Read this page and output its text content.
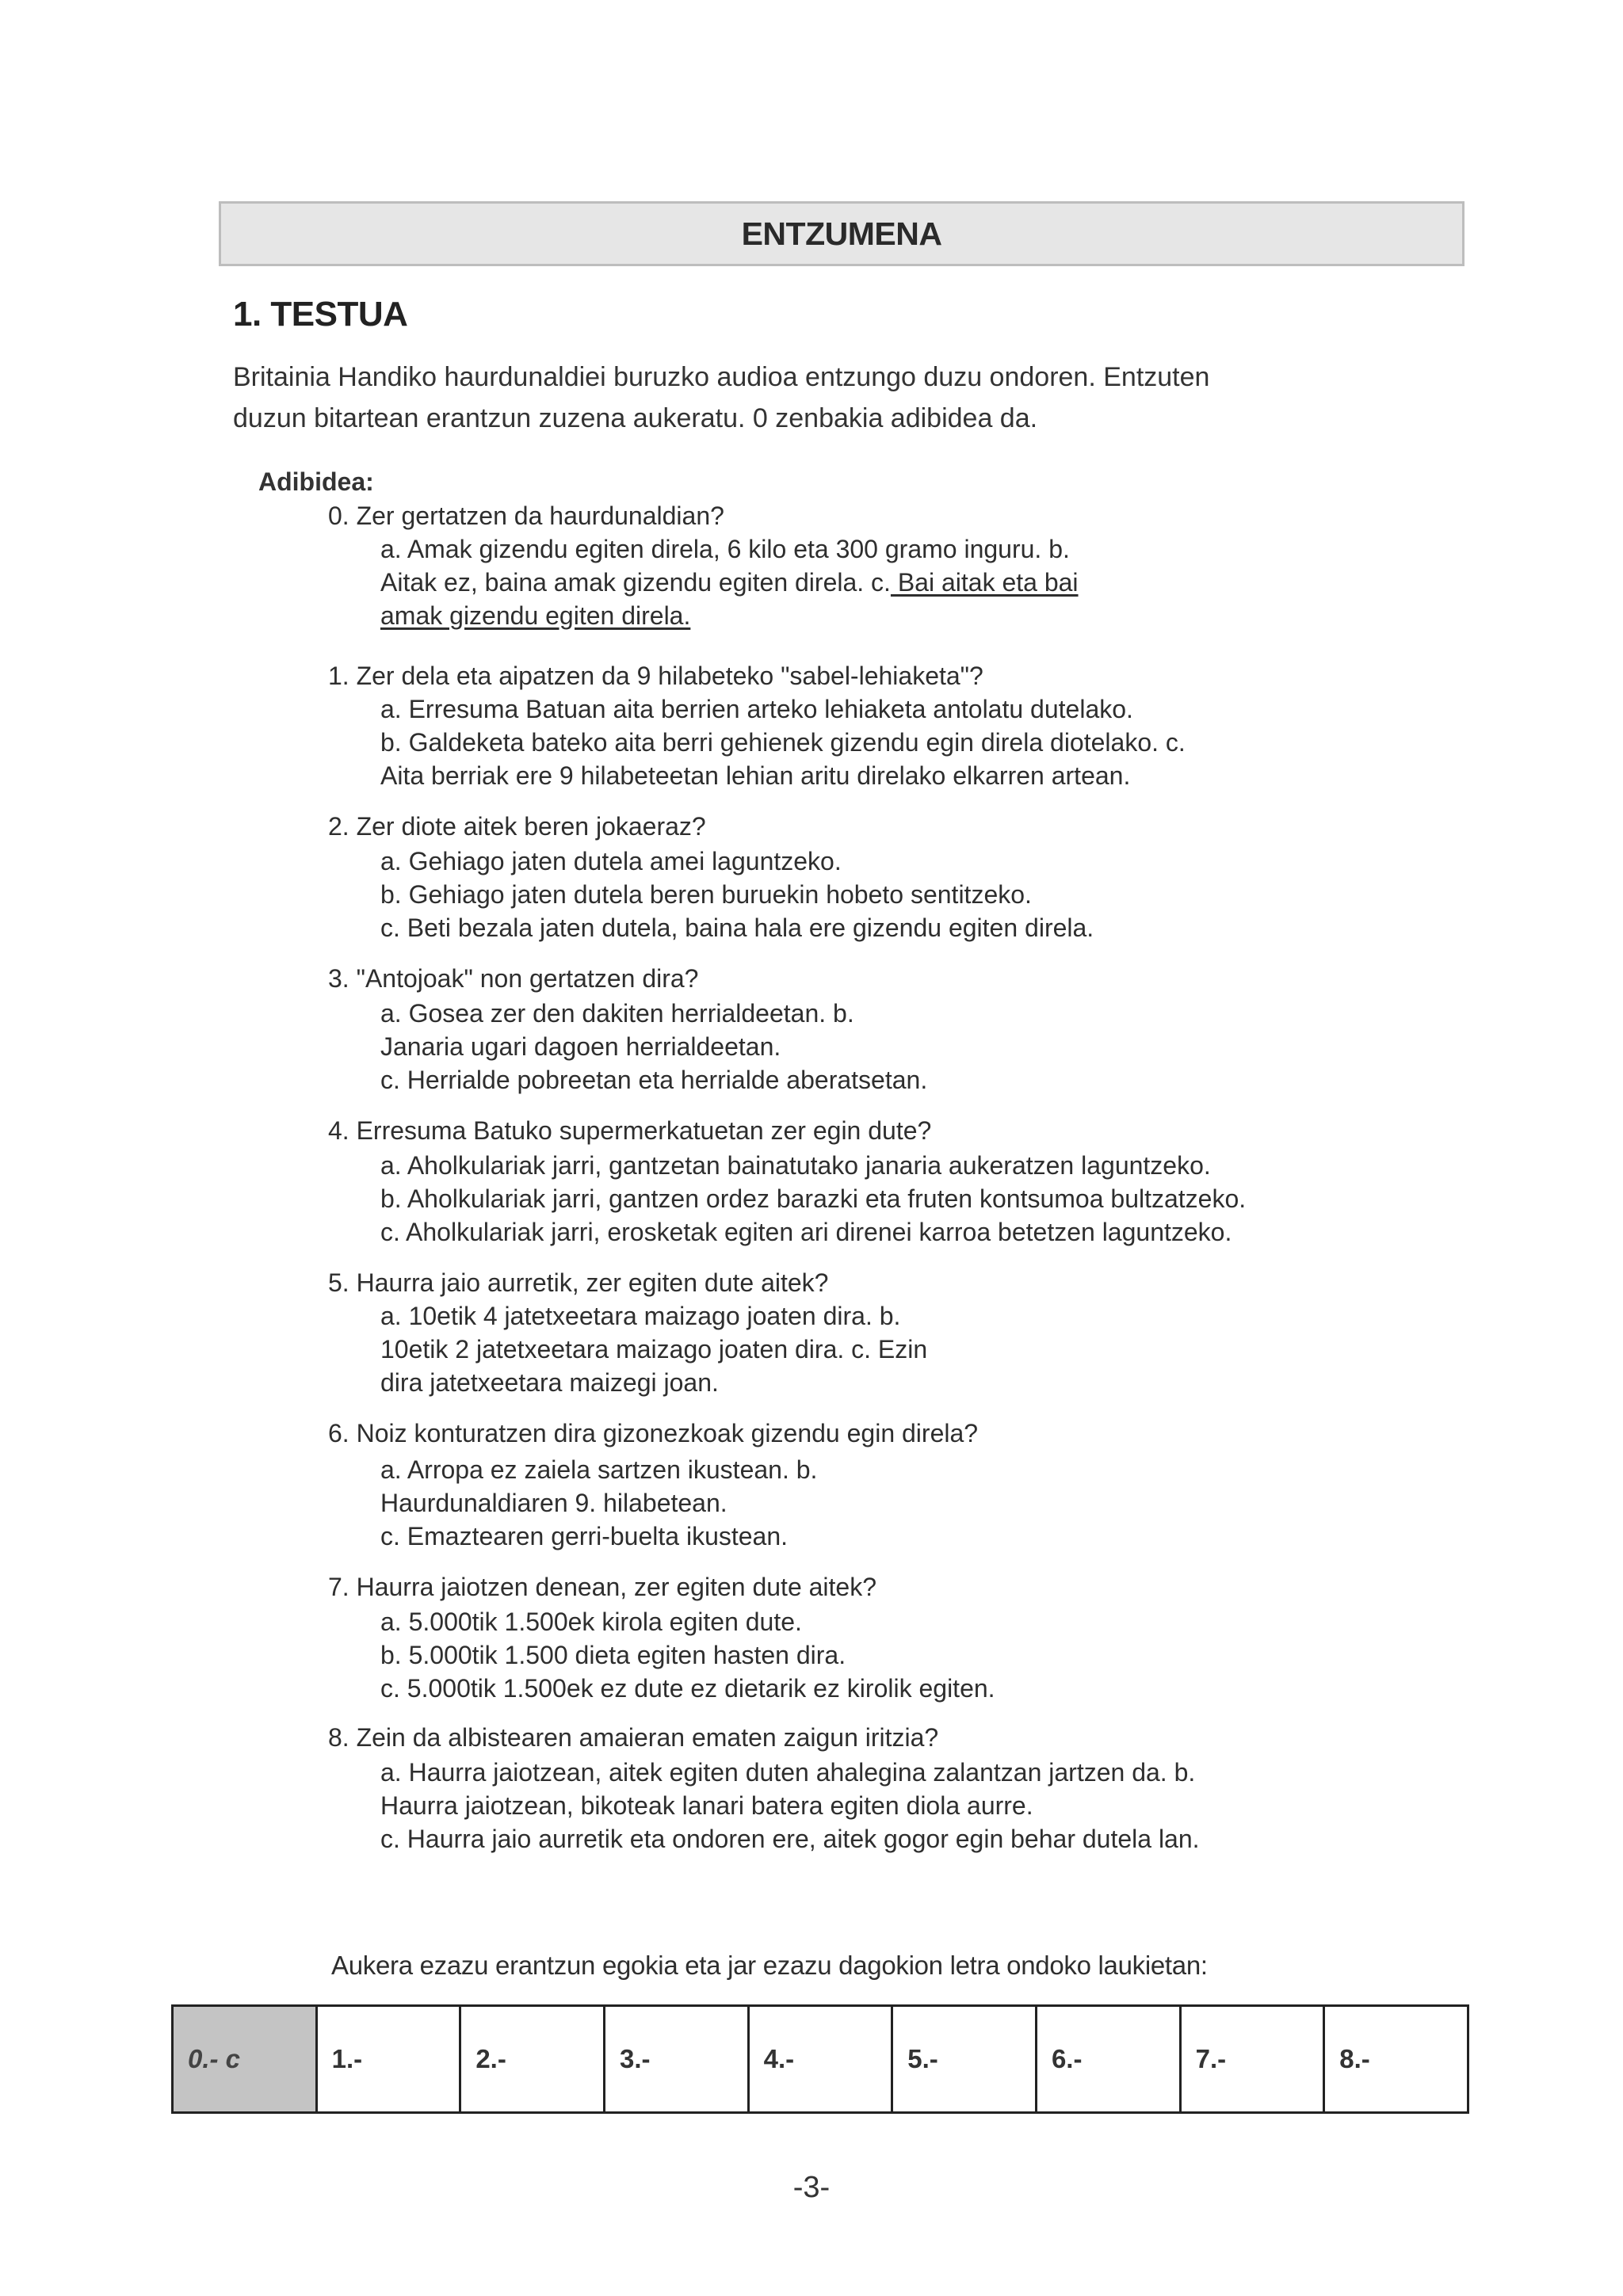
ENTZUMENA
1. TESTUA

Britainia Handiko haurdunaldiei buruzko audioa entzungo duzu ondoren. Entzuten
duzun bitartean erantzun zuzena aukeratu. 0 zenbakia adibidea da.

Adibidea:

0. Zer gertatzen da haurdunaldian?

a. Amak gizendu egiten direla, 6 kilo eta 300 gramo inguru. b.
Aitak ez, baina amak gizendu egiten direla. c. Bai aitak eta bai
amak gizendu egiten direla.

1. Zer dela eta aipatzen da 9 hilabeteko "sabel-lehiaketa"?

a. Erresuma Batuan aita berrien arteko lehiaketa antolatu dutelako.
b. Galdeketa bateko aita berri gehienek gizendu egin direla diotelako. c.
Aita berriak ere 9 hilabeteetan lehian aritu direlako elkarren artean.

2. Zer diote aitek beren jokaeraz?

a. Gehiago jaten dutela amei laguntzeko.
b. Gehiago jaten dutela beren buruekin hobeto sentitzeko.
c. Beti bezala jaten dutela, baina hala ere gizendu egiten direla.

3. "Antojoak" non gertatzen dira?

a. Gosea zer den dakiten herrialdeetan. b.
Janaria ugari dagoen herrialdeetan.
c. Herrialde pobreetan eta herrialde aberatsetan.

4. Erresuma Batuko supermerkatuetan zer egin dute?

a. Aholkulariak jarri, gantzetan bainatutako janaria aukeratzen laguntzeko.
b. Aholkulariak jarri, gantzen ordez barazki eta fruten kontsumoa bultzatzeko.
c. Aholkulariak jarri, erosketak egiten ari direnei karroa betetzen laguntzeko.

5. Haurra jaio aurretik, zer egiten dute aitek?

a. 10etik 4 jatetxeetara maizago joaten dira. b.
10etik 2 jatetxeetara maizago joaten dira. c. Ezin
dira jatetxeetara maizegi joan.

6. Noiz konturatzen dira gizonezkoak gizendu egin direla?

a. Arropa ez zaiela sartzen ikustean. b.
Haurdunaldiaren 9. hilabetean.
c. Emaztearen gerri-buelta ikustean.

7. Haurra jaiotzen denean, zer egiten dute aitek?

a. 5.000tik 1.500ek kirola egiten dute.
b. 5.000tik 1.500 dieta egiten hasten dira.
c. 5.000tik 1.500ek ez dute ez dietarik ez kirolik egiten.

8. Zein da albistearen amaieran ematen zaigun iritzia?

a. Haurra jaiotzean, aitek egiten duten ahalegina zalantzan jartzen da. b.
Haurra jaiotzean, bikoteak lanari batera egiten diola aurre.
c. Haurra jaio aurretik eta ondoren ere, aitek gogor egin behar dutela lan.

Aukera ezazu erantzun egokia eta jar ezazu dagokion letra ondoko laukietan:

0.- c	1.-	2.-	3.-	4.-	5.-	6.-	7.-	8.-

-3-
